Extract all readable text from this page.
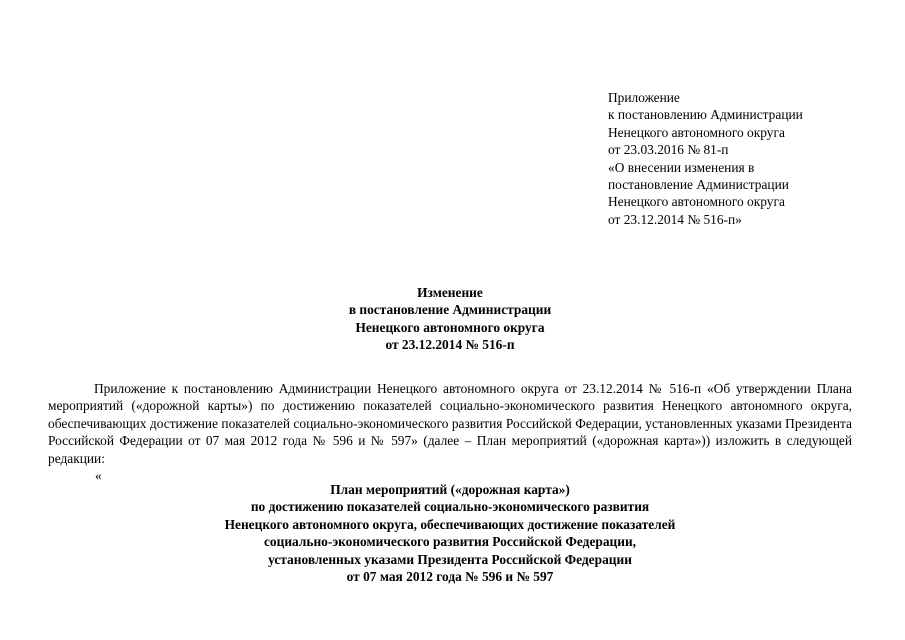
Приложение
к постановлению Администрации
Ненецкого автономного округа
от 23.03.2016 № 81-п
«О внесении изменения в
постановление Администрации
Ненецкого автономного округа
от 23.12.2014 № 516-п»
Изменение
в постановление Администрации
Ненецкого автономного округа
от 23.12.2014 № 516-п
Приложение к постановлению Администрации Ненецкого автономного округа от 23.12.2014 № 516-п «Об утверждении Плана мероприятий («дорожной карты») по достижению показателей социально-экономического развития Ненецкого автономного округа, обеспечивающих достижение показателей социально-экономического развития Российской Федерации, установленных указами Президента Российской Федерации от 07 мая 2012 года № 596 и № 597» (далее – План мероприятий («дорожная карта»)) изложить в следующей редакции:
«
План мероприятий («дорожная карта»)
по достижению показателей социально-экономического развития
Ненецкого автономного округа, обеспечивающих достижение показателей
социально-экономического развития Российской Федерации,
установленных указами Президента Российской Федерации
от 07 мая 2012 года № 596 и № 597
